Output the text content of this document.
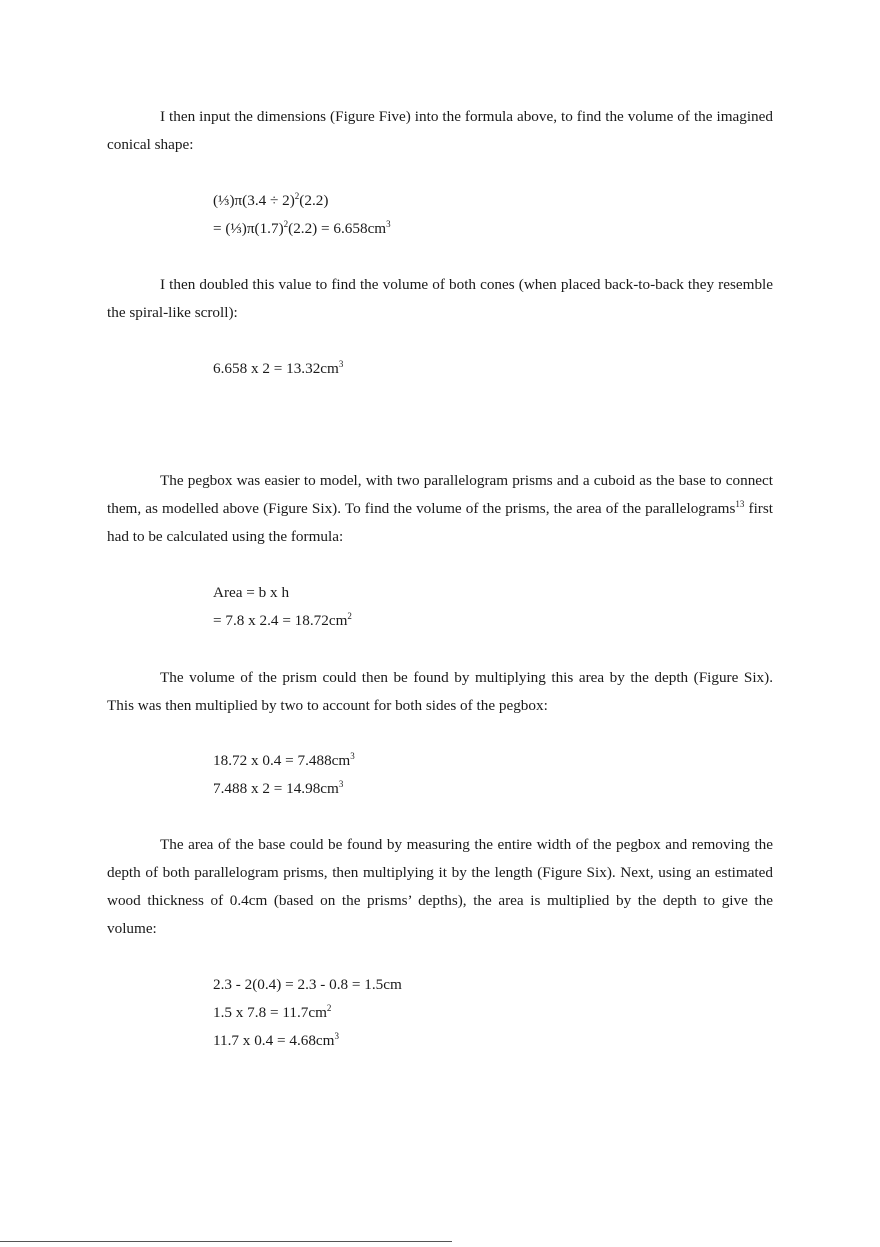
I then input the dimensions (Figure Five) into the formula above, to find the volume of the imagined conical shape:

(⅓)π(3.4 ÷ 2)$^2$(2.2)

= $(\frac{1}{3})\pi(1.7)^2(2.2) = 6.658cm^3$

I then doubled this value to find the volume of both cones (when placed back-to-back they resemble the spiral-like scroll):

6.658 x $2 = 13.32cm^3$

The pegbox was easier to model, with two parallelogram prisms and a cuboid as the base to connect them, as modelled above (Figure Six). To find the volume of the prisms, the area of the parallelograms$^{13}$ first had to be calculated using the formula:

Area = b x h

= 7.8 x $2.4 = 18.72cm^2$

The volume of the prism could then be found by multiplying this area by the depth (Figure Six). This was then multiplied by two to account for both sides of the pegbox:

18.72 x $0.4 = 7.488cm^3$

7.488 x $2 = 14.98cm^3$

The area of the base could be found by measuring the entire width of the pegbox and removing the depth of both parallelogram prisms, then multiplying it by the length (Figure Six). Next, using an estimated wood thickness of 0.4cm (based on the prisms’ depths), the area is multiplied by the depth to give the volume:

2.3 - 2(0.4) = 2.3 - 0.8 = 1.5cm

1.5 x $7.8 = 11.7cm^2$

11.7 x $0.4 = 4.68cm^3$
